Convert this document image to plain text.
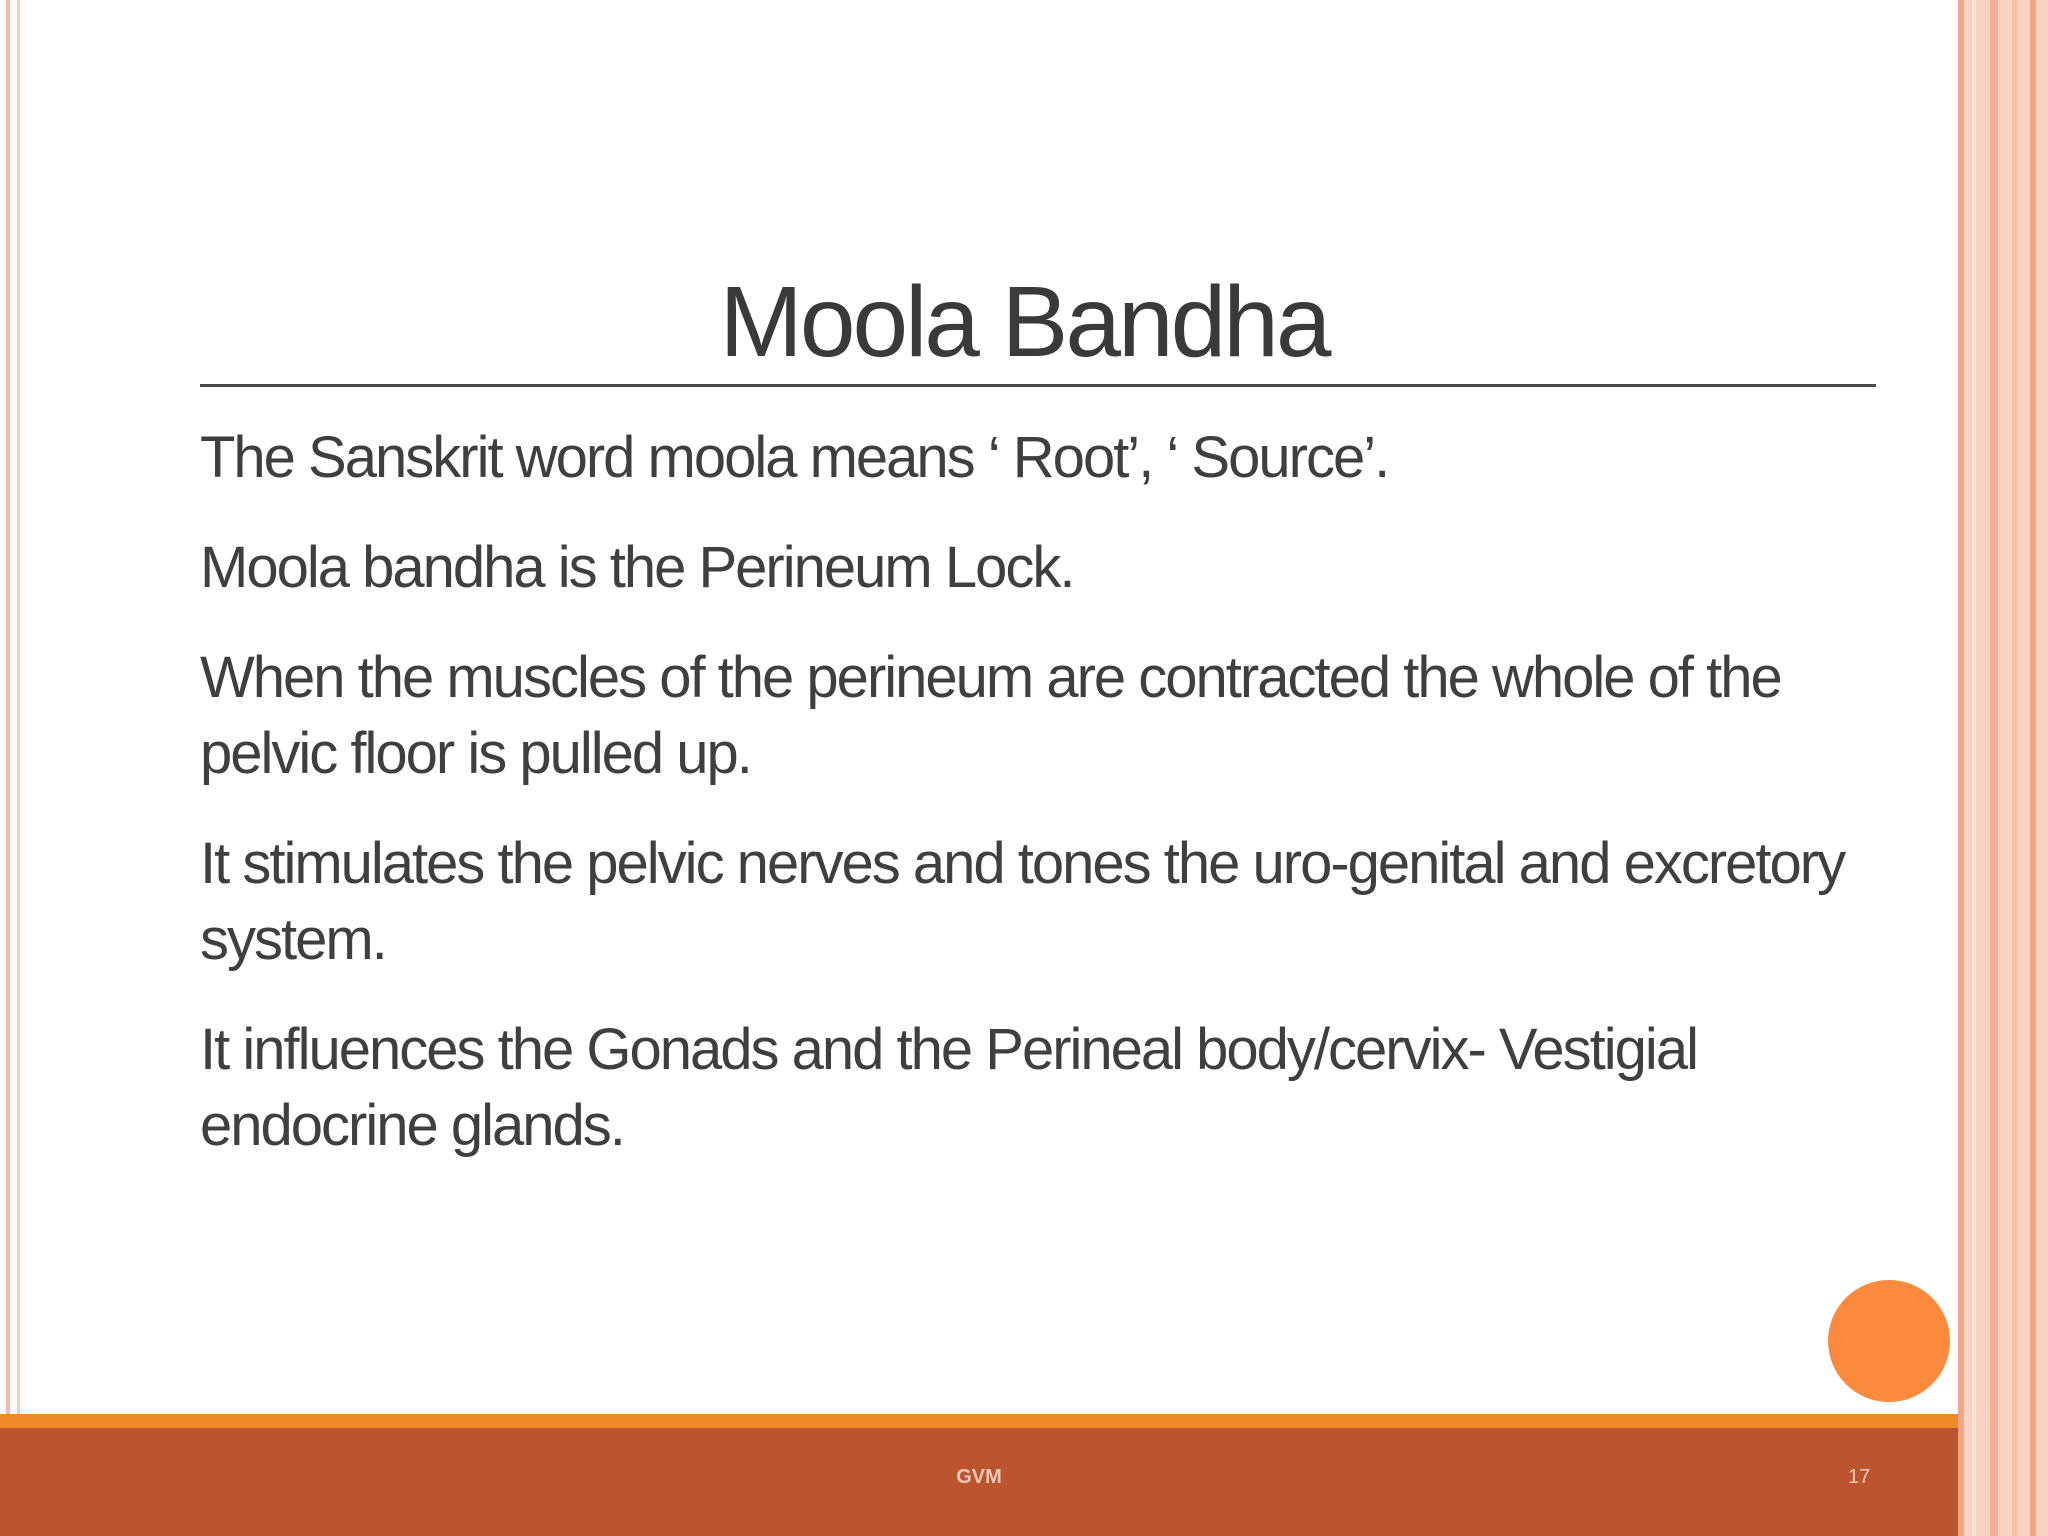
Moola Bandha
The Sanskrit word moola means ‘ Root’, ‘ Source’.
Moola bandha is the Perineum Lock.
When the muscles of the perineum are contracted the whole of the pelvic floor is pulled up.
It stimulates the pelvic nerves and tones the uro-genital and excretory system.
It influences the Gonads and the Perineal body/cervix- Vestigial endocrine glands.
GVM	17
